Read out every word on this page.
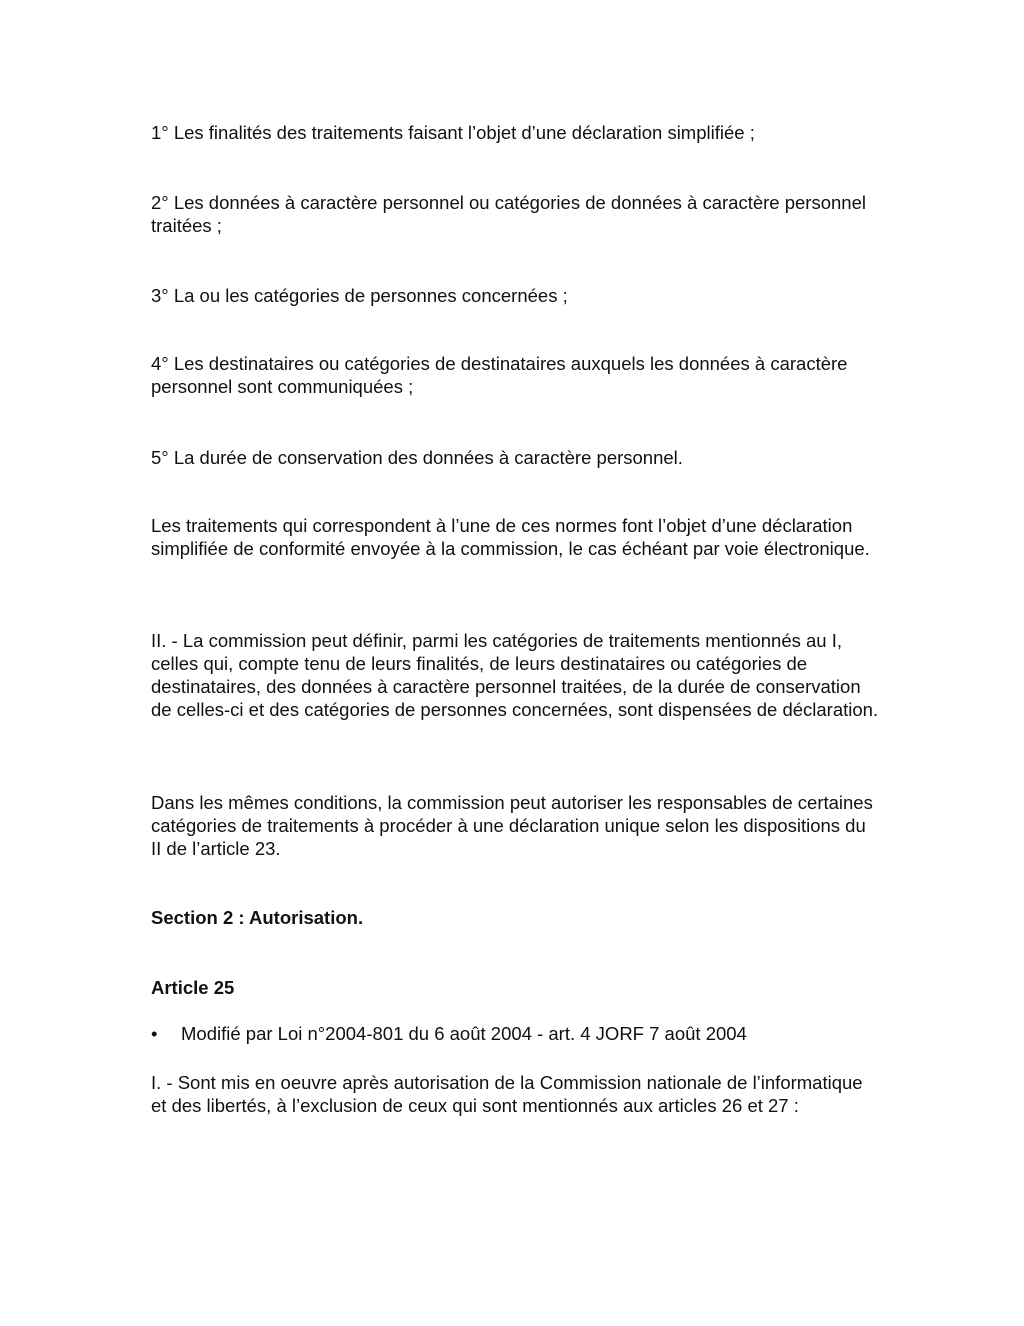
1° Les finalités des traitements faisant l’objet d’une déclaration simplifiée ;

2° Les données à caractère personnel ou catégories de données à caractère personnel traitées ;

3° La ou les catégories de personnes concernées ;

4° Les destinataires ou catégories de destinataires auxquels les données à caractère personnel sont communiquées ;

5° La durée de conservation des données à caractère personnel.

Les traitements qui correspondent à l’une de ces normes font l’objet d’une déclaration simplifiée de conformité envoyée à la commission, le cas échéant par voie électronique.

II. - La commission peut définir, parmi les catégories de traitements mentionnés au I, celles qui, compte tenu de leurs finalités, de leurs destinataires ou catégories de destinataires, des données à caractère personnel traitées, de la durée de conservation de celles-ci et des catégories de personnes concernées, sont dispensées de déclaration.

Dans les mêmes conditions, la commission peut autoriser les responsables de certaines catégories de traitements à procéder à une déclaration unique selon les dispositions du II de l’article 23.

Section 2 : Autorisation.

Article 25

• Modifié par Loi n°2004-801 du 6 août 2004 - art. 4 JORF 7 août 2004

I. - Sont mis en oeuvre après autorisation de la Commission nationale de l’informatique et des libertés, à l’exclusion de ceux qui sont mentionnés aux articles 26 et 27 :
